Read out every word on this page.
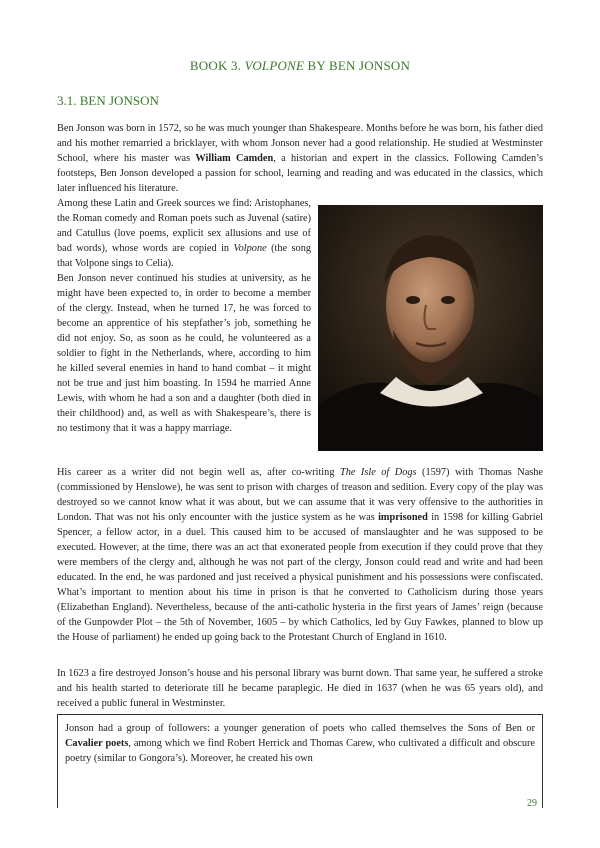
BOOK 3. VOLPONE BY BEN JONSON
3.1. BEN JONSON

Ben Jonson was born in 1572, so he was much younger than Shakespeare. Months before he was born, his father died and his mother remarried a bricklayer, with whom Jonson never had a good relationship. He studied at Westminster School, where his master was William Camden, a historian and expert in the classics. Following Camden’s footsteps, Ben Jonson developed a passion for school, learning and reading and was educated in the classics, which later influenced his literature.

Among these Latin and Greek sources we find: Aristophanes, the Roman comedy and Roman poets such as Juvenal (satire) and Catullus (love poems, explicit sex allusions and use of bad words), whose words are copied in Volpone (the song that Volpone sings to Celia).

Ben Jonson never continued his studies at university, as he might have been expected to, in order to become a member of the clergy. Instead, when he turned 17, he was forced to become an apprentice of his stepfather’s job, something he did not enjoy. So, as soon as he could, he volunteered as a soldier to fight in the Netherlands, where, according to him he killed several enemies in hand to hand combat – it might not be true and just him boasting. In 1594 he married Anne Lewis, with whom he had a son and a daughter (both died in their childhood) and, as well as with Shakespeare’s, there is no testimony that it was a happy marriage.

His career as a writer did not begin well as, after co-writing The Isle of Dogs (1597) with Thomas Nashe (commissioned by Henslowe), he was sent to prison with charges of treason and sedition. Every copy of the play was destroyed so we cannot know what it was about, but we can assume that it was very offensive to the authorities in London. That was not his only encounter with the justice system as he was imprisoned in 1598 for killing Gabriel Spencer, a fellow actor, in a duel. This caused him to be accused of manslaughter and he was supposed to be executed. However, at the time, there was an act that exonerated people from execution if they could prove that they were members of the clergy and, although he was not part of the clergy, Jonson could read and write and had been educated. In the end, he was pardoned and just received a physical punishment and his possessions were confiscated. What’s important to mention about his time in prison is that he converted to Catholicism during those years (Elizabethan England). Nevertheless, because of the anti-catholic hysteria in the first years of James’ reign (because of the Gunpowder Plot – the 5th of November, 1605 – by which Catholics, led by Guy Fawkes, planned to blow up the House of parliament) he ended up going back to the Protestant Church of England in 1610.

In 1623 a fire destroyed Jonson’s house and his personal library was burnt down. That same year, he suffered a stroke and his health started to deteriorate till he became paraplegic. He died in 1637 (when he was 65 years old), and received a public funeral in Westminster.

Jonson had a group of followers: a younger generation of poets who called themselves the Sons of Ben or Cavalier poets, among which we find Robert Herrick and Thomas Carew, who cultivated a difficult and obscure poetry (similar to Gongora’s). Moreover, he created his own
29
